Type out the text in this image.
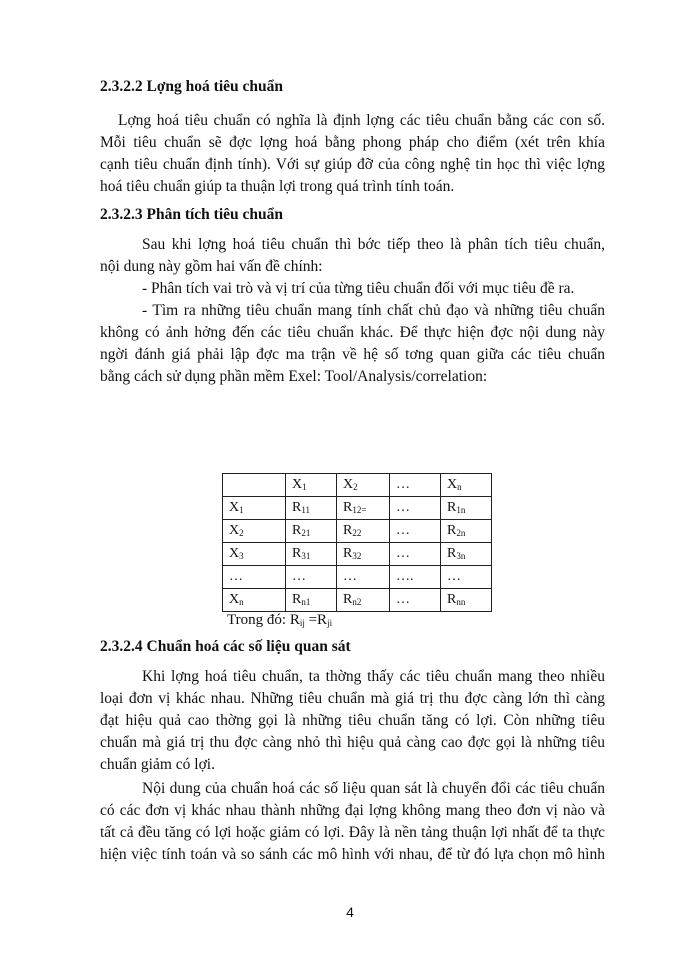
2.3.2.2 Lợng hoá tiêu chuẩn
Lợng hoá tiêu chuẩn có nghĩa là định lợng các tiêu chuẩn bằng các con số.
Mỗi tiêu chuẩn sẽ đợc lợng hoá bằng phong pháp cho điểm (xét trên khía
cạnh tiêu chuẩn định tính). Với sự giúp đỡ của công nghệ tin học thì việc lợng
hoá tiêu chuẩn giúp ta thuận lợi trong quá trình tính toán.
2.3.2.3 Phân tích tiêu chuẩn
Sau khi lợng hoá tiêu chuẩn thì bớc tiếp theo là phân tích tiêu chuẩn,
nội dung này gồm hai vấn đề chính:
- Phân tích vai trò và vị trí của từng tiêu chuẩn đối với mục tiêu đề ra.
- Tìm ra những tiêu chuẩn mang tính chất chủ đạo và những tiêu chuẩn
không có ảnh hởng đến các tiêu chuẩn khác. Để thực hiện đợc nội dung này
ngời đánh giá phải lập đợc ma trận về hệ số tơng quan giữa các tiêu chuẩn
bằng cách sử dụng phần mềm Exel: Tool/Analysis/correlation:
	$X_1$	$X_2$	…	$X_n$
$X_1$	$R_{11}$	$R_{12=}$	…	$R_{1n}$
$X_2$	$R_{21}$	$R_{22}$	…	$R_{2n}$
$X_3$	$R_{31}$	$R_{32}$	…	$R_{3n}$
…	…	…	….	…
$X_n$	$R_{n1}$	$R_{n2}$	…	$R_{nn}$
Trong đó: $R_{ij} =R_{ji}$
2.3.2.4 Chuẩn hoá các số liệu quan sát
Khi lợng hoá tiêu chuẩn, ta thờng thấy các tiêu chuẩn mang theo nhiều
loại đơn vị khác nhau. Những tiêu chuẩn mà giá trị thu đợc càng lớn thì càng
đạt hiệu quả cao thờng gọi là những tiêu chuẩn tăng có lợi. Còn những tiêu
chuẩn mà giá trị thu đợc càng nhỏ thì hiệu quả càng cao đợc gọi là những tiêu
chuẩn giảm có lợi.
Nội dung của chuẩn hoá các số liệu quan sát là chuyển đổi các tiêu chuẩn
có các đơn vị khác nhau thành những đại lợng không mang theo đơn vị nào và
tất cả đều tăng có lợi hoặc giảm có lợi. Đây là nền tảng thuận lợi nhất để ta thực
hiện việc tính toán và so sánh các mô hình với nhau, để từ đó lựa chọn mô hình
4
